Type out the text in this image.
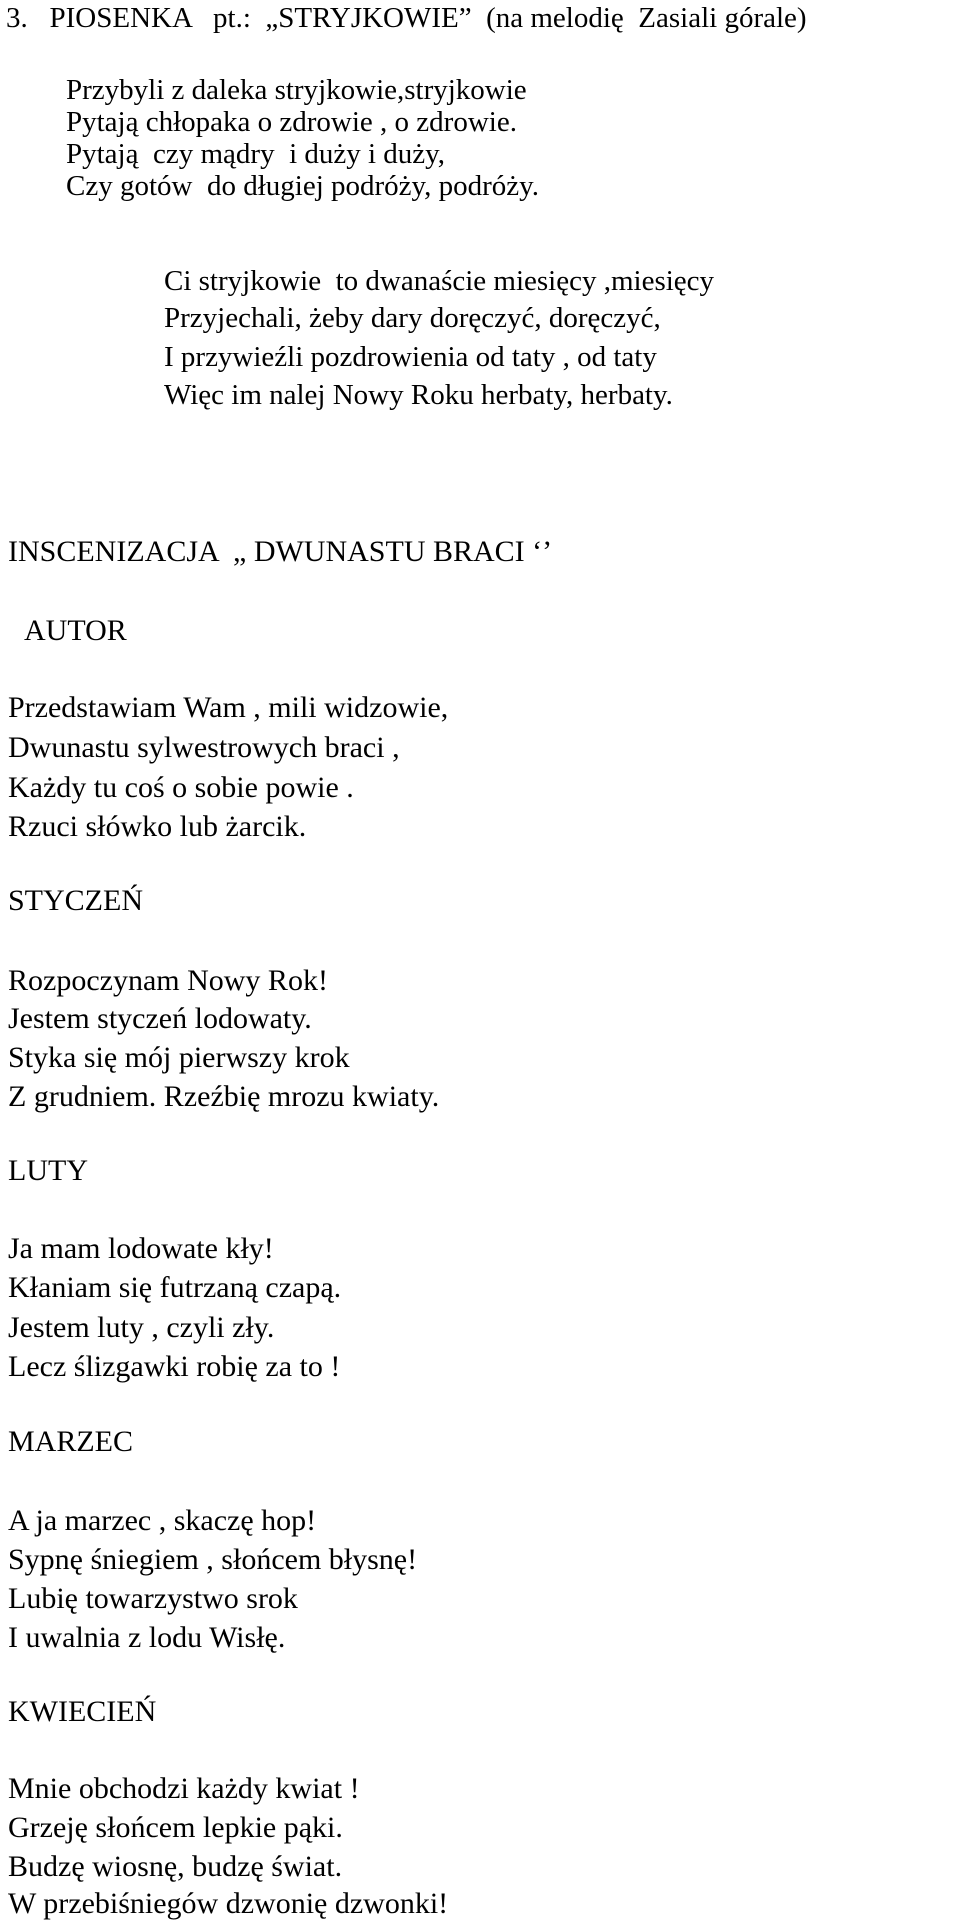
3.   PIOSENKA   pt.:  „STRYJKOWIE”  (na melodię  Zasiali górale)
Przybyli z daleka stryjkowie,stryjkowie
Pytają chłopaka o zdrowie , o zdrowie.
Pytają  czy mądry  i duży i duży,
Czy gotów  do długiej podróży, podróży.
Ci stryjkowie  to dwanaście miesięcy ,miesięcy
Przyjechali, żeby dary doręczyć, doręczyć,
I przywieźli pozdrowienia od taty , od taty
Więc im nalej Nowy Roku herbaty, herbaty.
INSCENIZACJA  „ DWUNASTU BRACI ‘’
AUTOR
Przedstawiam Wam , mili widzowie,
Dwunastu sylwestrowych braci ,
Każdy tu coś o sobie powie .
Rzuci słówko lub żarcik.
STYCZEŃ
Rozpoczynam Nowy Rok!
Jestem styczeń lodowaty.
Styka się mój pierwszy krok
Z grudniem. Rzeźbię mrozu kwiaty.
LUTY
Ja mam lodowate kły!
Kłaniam się futrzaną czapą.
Jestem luty , czyli zły.
Lecz ślizgawki robię za to !
MARZEC
A ja marzec , skaczę hop!
Sypnę śniegiem , słońcem błysnę!
Lubię towarzystwo srok
I uwalnia z lodu Wisłę.
KWIECIEŃ
Mnie obchodzi każdy kwiat !
Grzeję słońcem lepkie pąki.
Budzę wiosnę, budzę świat.
W przebiśniegów dzwonię dzwonki!
